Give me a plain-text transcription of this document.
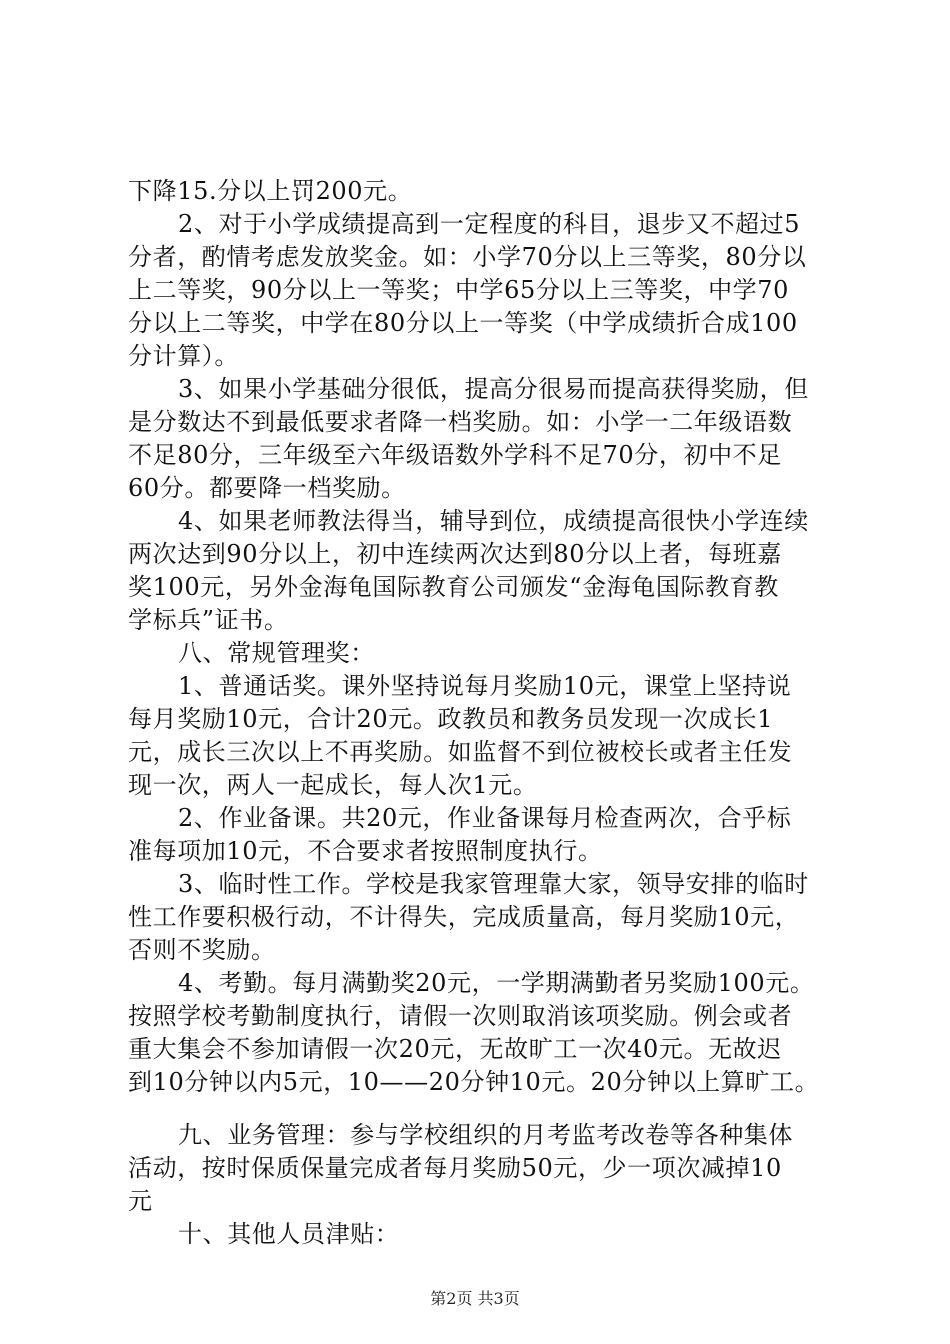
下降15.分以上罚200元。
2、对于小学成绩提高到一定程度的科目，退步又不超过5
分者，酌情考虑发放奖金。如：小学70分以上三等奖，80分以
上二等奖，90分以上一等奖；中学65分以上三等奖，中学70
分以上二等奖，中学在80分以上一等奖（中学成绩折合成100
分计算）。
3、如果小学基础分很低，提高分很易而提高获得奖励，但
是分数达不到最低要求者降一档奖励。如：小学一二年级语数
不足80分，三年级至六年级语数外学科不足70分，初中不足
60分。都要降一档奖励。
4、如果老师教法得当，辅导到位，成绩提高很快小学连续
两次达到90分以上，初中连续两次达到80分以上者，每班嘉
奖100元，另外金海龟国际教育公司颁发“金海龟国际教育教
学标兵”证书。
八、常规管理奖：
1、普通话奖。课外坚持说每月奖励10元，课堂上坚持说
每月奖励10元，合计20元。政教员和教务员发现一次成长1
元，成长三次以上不再奖励。如监督不到位被校长或者主任发
现一次，两人一起成长，每人次1元。
2、作业备课。共20元，作业备课每月检查两次，合乎标
准每项加10元，不合要求者按照制度执行。
3、临时性工作。学校是我家管理靠大家，领导安排的临时
性工作要积极行动，不计得失，完成质量高，每月奖励10元，
否则不奖励。
4、考勤。每月满勤奖20元，一学期满勤者另奖励100元。
按照学校考勤制度执行，请假一次则取消该项奖励。例会或者
重大集会不参加请假一次20元，无故旷工一次40元。无故迟
到10分钟以内5元，10——20分钟10元。20分钟以上算旷工。
九、业务管理：参与学校组织的月考监考改卷等各种集体
活动，按时保质保量完成者每月奖励50元，少一项次减掉10
元
十、其他人员津贴：
第2页 共3页
